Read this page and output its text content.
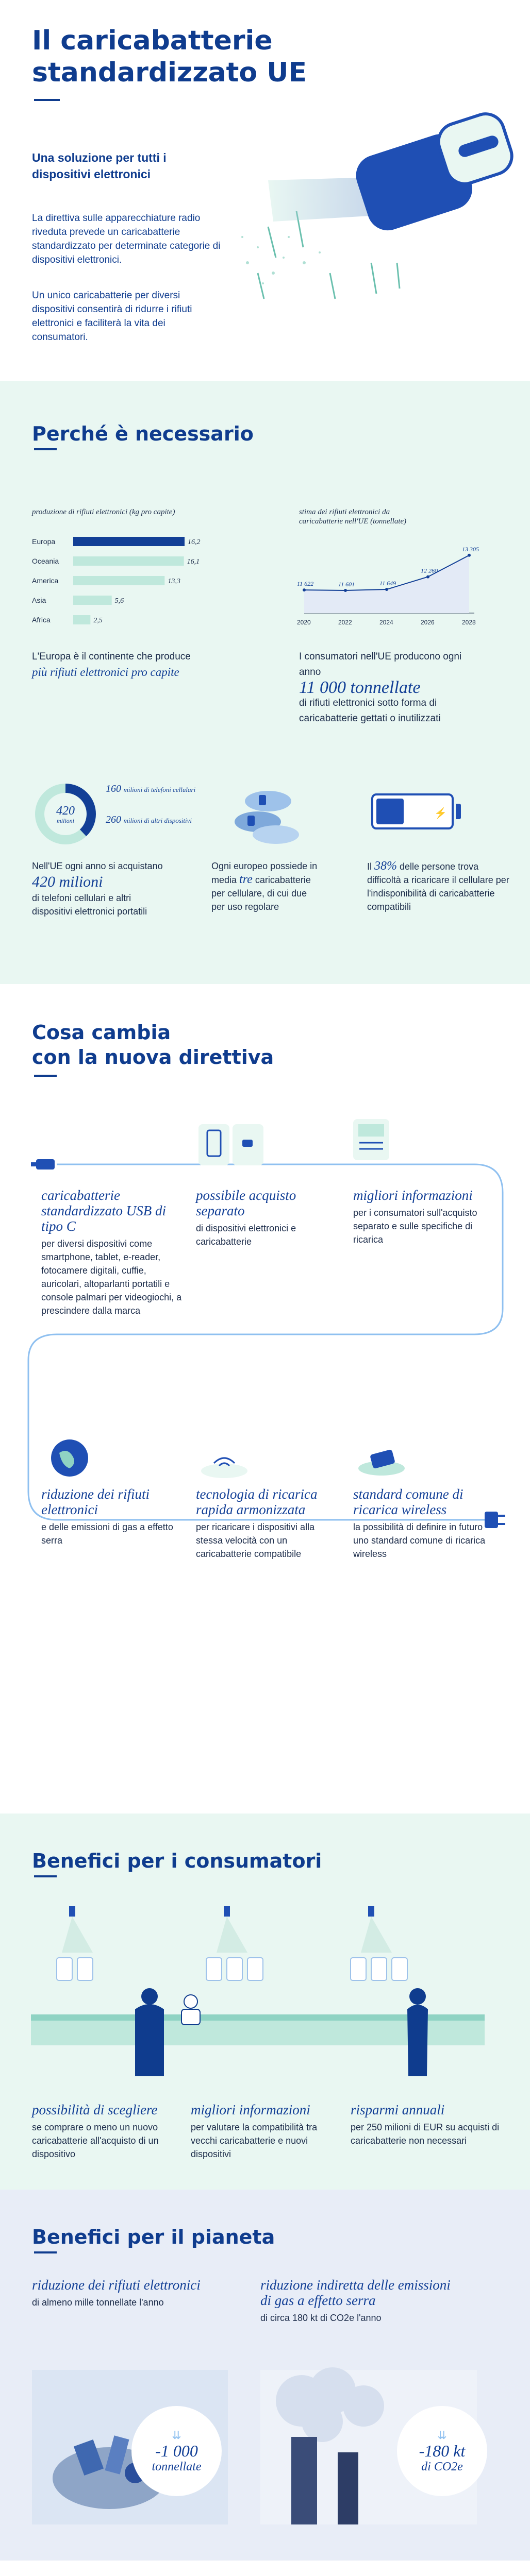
Il caricabatterie
standardizzato UE
Una soluzione per tutti i dispositivi elettronici
La direttiva sulle apparecchiature radio riveduta prevede un caricabatterie standardizzato per determinate categorie di dispositivi elettronici.
Un unico caricabatterie per diversi dispositivi consentirà di ridurre i rifiuti elettronici e faciliterà la vita dei consumatori.
Perché è necessario
produzione di rifiuti elettronici (kg pro capite)
Europa	16,2
Oceania	16,1
America	13,3
Asia	5,6
Africa	2,5
L'Europa è il continente che produce più rifiuti elettronici pro capite
stima dei rifiuti elettronici da caricabatterie nell'UE (tonnellate)
11 622	11 601	11 649
12 260
13 305
2020	2022	2024	2026	2028
I consumatori nell'UE producono ogni anno
11 000 tonnellate
di rifiuti elettronici sotto forma di caricabatterie gettati o inutilizzati
420
milioni
160 milioni di telefoni cellulari
260 milioni di altri dispositivi
Nell'UE ogni anno si acquistano
420 milioni
di telefoni cellulari e altri dispositivi elettronici portatili
Ogni europeo possiede in media tre caricabatterie per cellulare, di cui due per uso regolare
⚡
Il 38% delle persone trova difficoltà a ricaricare il cellulare per l'indisponibilità di caricabatterie compatibili
Cosa cambia
con la nuova direttiva
caricabatterie standardizzato USB di tipo C
per diversi dispositivi come smartphone, tablet, e-reader, fotocamere digitali, cuffie, auricolari, altoparlanti portatili e console palmari per videogiochi, a prescindere dalla marca
possibile acquisto separato
di dispositivi elettronici e caricabatterie
migliori informazioni
per i consumatori sull'acquisto separato e sulle specifiche di ricarica
riduzione dei rifiuti elettronici
e delle emissioni di gas a effetto serra
tecnologia di ricarica rapida armonizzata
per ricaricare i dispositivi alla stessa velocità con un caricabatterie compatibile
standard comune di ricarica wireless
la possibilità di definire in futuro uno standard comune di ricarica wireless
Benefici per i consumatori
possibilità di scegliere
se comprare o meno un nuovo caricabatterie all'acquisto di un dispositivo
migliori informazioni
per valutare la compatibilità tra vecchi caricabatterie e nuovi dispositivi
risparmi annuali
per 250 milioni di EUR su acquisti di caricabatterie non necessari
Benefici per il pianeta
riduzione dei rifiuti elettronici
di almeno mille tonnellate l'anno
riduzione indiretta delle emissioni di gas a effetto serra
di circa 180 kt di CO2e l'anno
⇊
-1 000
tonnellate
⇊
-180 kt
di CO2e
